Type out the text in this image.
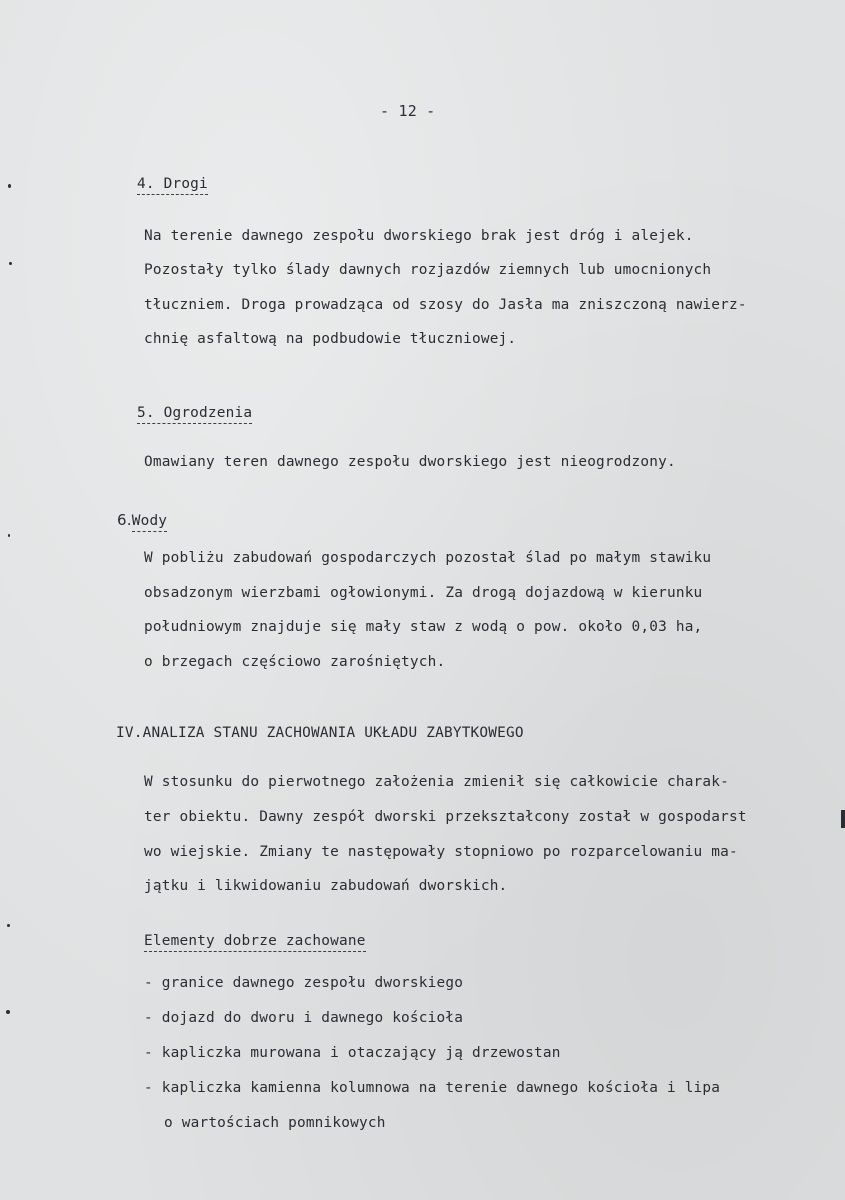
- 12 -
4. Drogi
Na terenie dawnego zespołu dworskiego brak jest dróg i alejek.
Pozostały tylko ślady dawnych rozjazdów ziemnych lub umocnionych
tłuczniem. Droga prowadząca od szosy do Jasła ma zniszczoną nawierz-
chnię asfaltową na podbudowie tłuczniowej.
5. Ogrodzenia
Omawiany teren dawnego zespołu dworskiego jest nieogrodzony.
6.Wody
W pobliżu zabudowań gospodarczych pozostał ślad po małym stawiku
obsadzonym wierzbami ogłowionymi. Za drogą dojazdową w kierunku
południowym znajduje się mały staw z wodą o pow. około 0,03 ha,
o brzegach częściowo zarośniętych.
IV.ANALIZA STANU ZACHOWANIA UKŁADU ZABYTKOWEGO
W stosunku do pierwotnego założenia zmienił się całkowicie charak-
ter obiektu. Dawny zespół dworski przekształcony został w gospodarst
wo wiejskie. Zmiany te następowały stopniowo po rozparcelowaniu ma-
jątku i likwidowaniu zabudowań dworskich.
Elementy dobrze zachowane
- granice dawnego zespołu dworskiego
- dojazd do dworu i dawnego kościoła
- kapliczka murowana i otaczający ją drzewostan
- kapliczka kamienna kolumnowa na terenie dawnego kościoła i lipa
o wartościach pomnikowych
